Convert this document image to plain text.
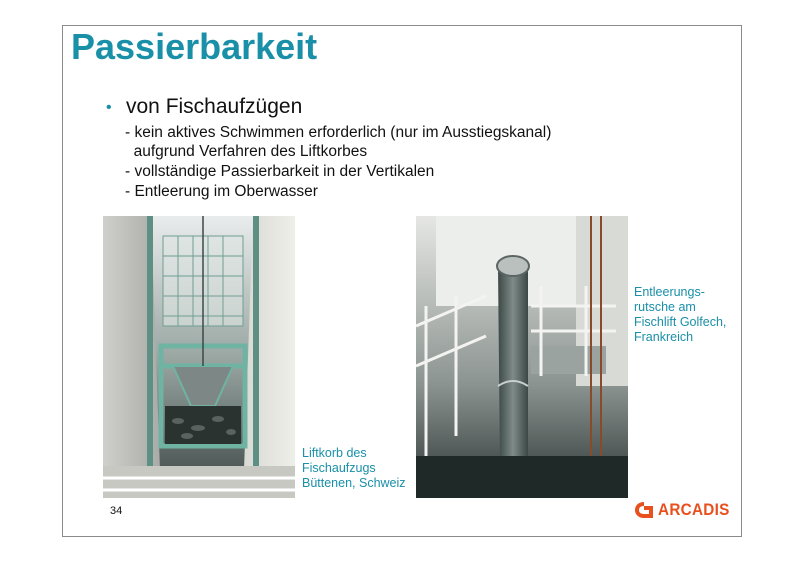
Passierbarkeit
• von Fischaufzügen
- kein aktives Schwimmen erforderlich (nur im Ausstiegskanal)
aufgrund Verfahren des Liftkorbes
- vollständige Passierbarkeit in der Vertikalen
- Entleerung im Oberwasser
Liftkorb des
Fischaufzugs
Büttenen, Schweiz
Entleerungs-
rutsche am
Fischlift Golfech,
Frankreich
34	ARCADIS
